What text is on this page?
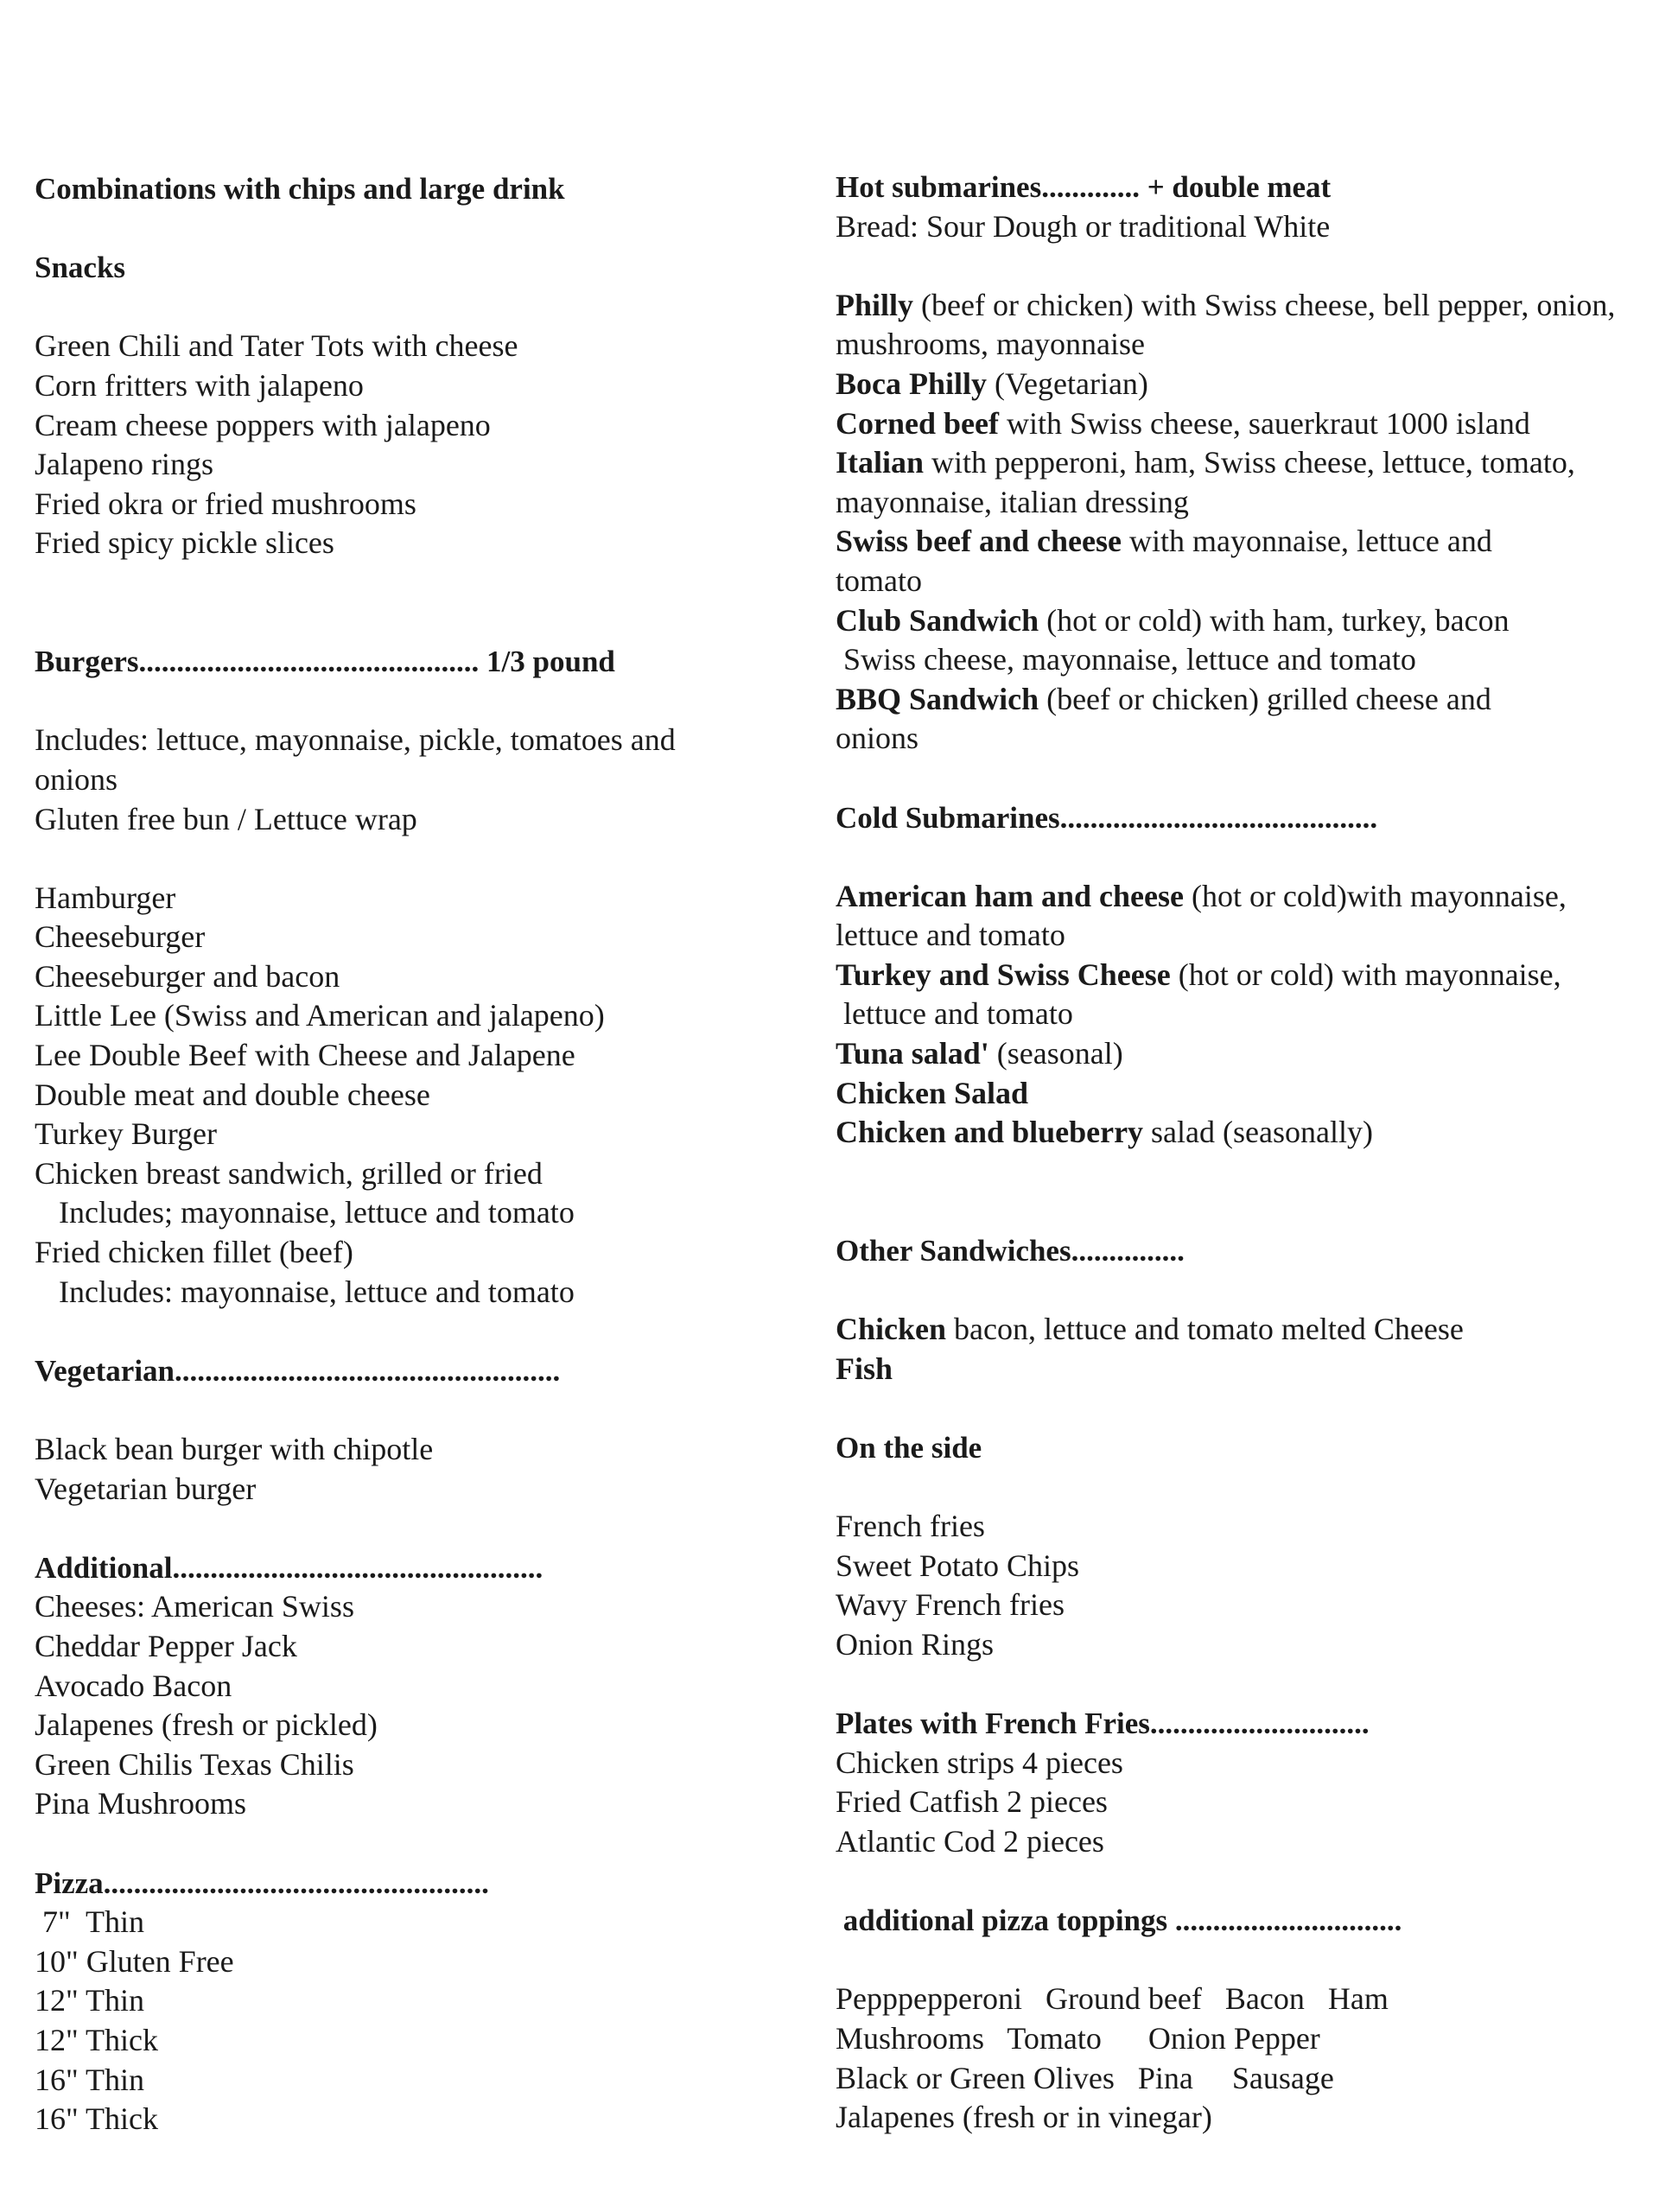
Combinations with chips and large drink
Snacks
Green Chili and Tater Tots with cheese
Corn fritters with jalapeno
Cream cheese poppers with jalapeno
Jalapeno rings
Fried okra or fried mushrooms
Fried spicy pickle slices
Burgers............................................. 1/3 pound
Includes: lettuce, mayonnaise, pickle, tomatoes and onions
Gluten free bun / Lettuce wrap
Hamburger
Cheeseburger
Cheeseburger and bacon
Little Lee (Swiss and American and jalapeno)
Lee Double Beef with Cheese and Jalapene
Double meat and double cheese
Turkey Burger
Chicken breast sandwich, grilled or fried
Includes; mayonnaise, lettuce and tomato
Fried chicken fillet (beef)
Includes: mayonnaise, lettuce and tomato
Vegetarian...................................................
Black bean burger with chipotle
Vegetarian burger
Additional.................................................
Cheeses: American Swiss
Cheddar Pepper Jack
Avocado Bacon
Jalapenes (fresh or pickled)
Green Chilis Texas Chilis
Pina Mushrooms
Pizza...................................................
7"  Thin
10" Gluten Free
12" Thin
12" Thick
16" Thin
16" Thick
Hot submarines............. + double meat
Bread: Sour Dough or traditional White
Philly (beef or chicken) with Swiss cheese, bell pepper, onion, mushrooms, mayonnaise
Boca Philly (Vegetarian)
Corned beef with Swiss cheese, sauerkraut 1000 island
Italian with pepperoni, ham, Swiss cheese, lettuce, tomato, mayonnaise, italian dressing
Swiss beef and cheese with mayonnaise, lettuce and tomato
Club Sandwich (hot or cold) with ham, turkey, bacon
Swiss cheese, mayonnaise, lettuce and tomato
BBQ Sandwich (beef or chicken) grilled cheese and onions
Cold Submarines..........................................
American ham and cheese (hot or cold)with mayonnaise, lettuce and tomato
Turkey and Swiss Cheese (hot or cold) with mayonnaise,
lettuce and tomato
Tuna salad' (seasonal)
Chicken Salad
Chicken and blueberry salad (seasonally)
Other Sandwiches...............
Chicken bacon, lettuce and tomato melted Cheese
Fish
On the side
French fries
Sweet Potato Chips
Wavy French fries
Onion Rings
Plates with French Fries.............................
Chicken strips 4 pieces
Fried Catfish 2 pieces
Atlantic Cod 2 pieces
additional pizza toppings ..............................
Pepppepperoni   Ground beef   Bacon   Ham
Mushrooms   Tomato      Onion Pepper
Black or Green Olives   Pina     Sausage
Jalapenes (fresh or in vinegar)
